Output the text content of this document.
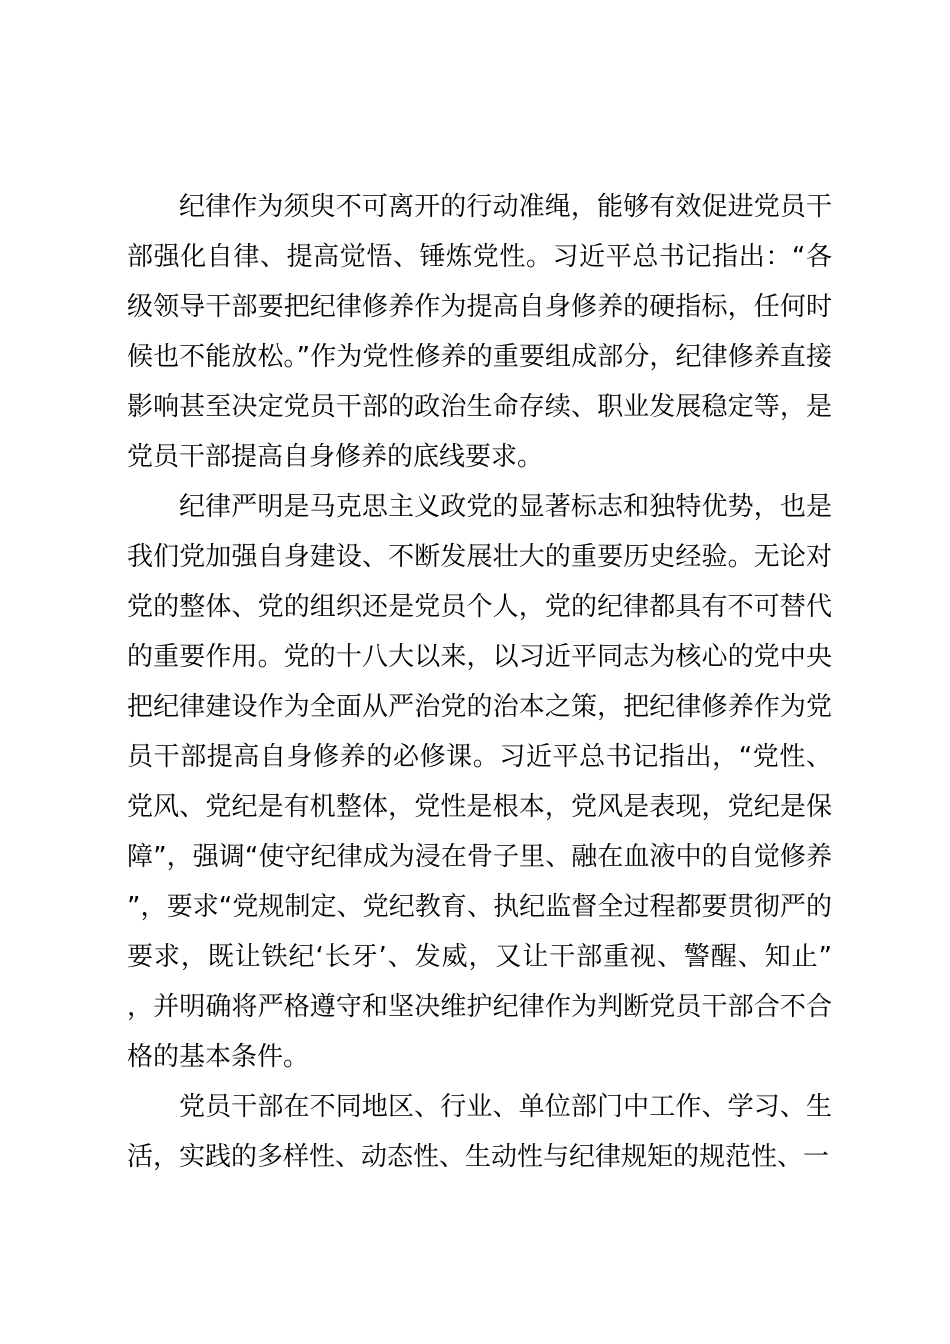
纪律作为须臾不可离开的行动准绳，能够有效促进党员干部强化自律、提高觉悟、锤炼党性。习近平总书记指出：“各级领导干部要把纪律修养作为提高自身修养的硬指标，任何时候也不能放松。”作为党性修养的重要组成部分，纪律修养直接影响甚至决定党员干部的政治生命存续、职业发展稳定等，是党员干部提高自身修养的底线要求。

纪律严明是马克思主义政党的显著标志和独特优势，也是我们党加强自身建设、不断发展壮大的重要历史经验。无论对党的整体、党的组织还是党员个人，党的纪律都具有不可替代的重要作用。党的十八大以来，以习近平同志为核心的党中央把纪律建设作为全面从严治党的治本之策，把纪律修养作为党员干部提高自身修养的必修课。习近平总书记指出，“党性、党风、党纪是有机整体，党性是根本，党风是表现，党纪是保障”，强调“使守纪律成为浸在骨子里、融在血液中的自觉修养”，要求“党规制定、党纪教育、执纪监督全过程都要贯彻严的要求，既让铁纪‘长牙’、发威，又让干部重视、警醒、知止”，并明确将严格遵守和坚决维护纪律作为判断党员干部合不合格的基本条件。

党员干部在不同地区、行业、单位部门中工作、学习、生活，实践的多样性、动态性、生动性与纪律规矩的规范性、一
